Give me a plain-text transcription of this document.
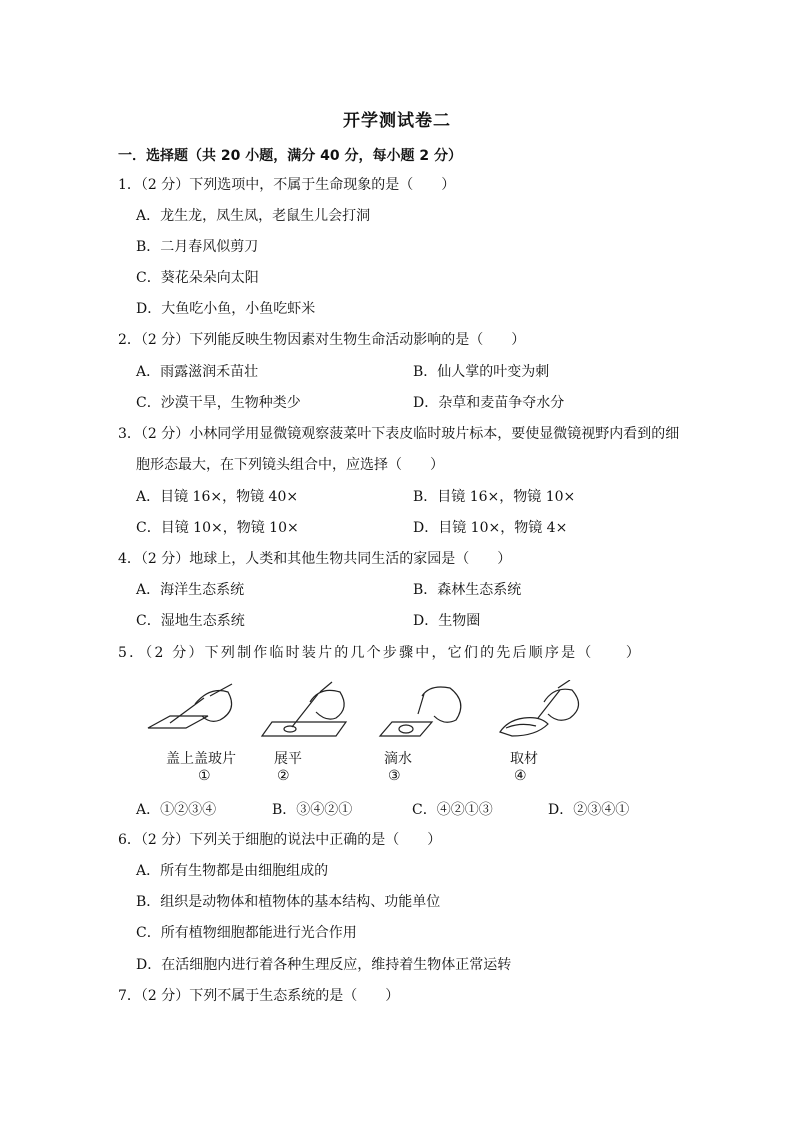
开学测试卷二
一．选择题（共 20 小题，满分 40 分，每小题 2 分）
1．（2 分）下列选项中，不属于生命现象的是（　　）
A．龙生龙，凤生凤，老鼠生儿会打洞
B．二月春风似剪刀
C．葵花朵朵向太阳
D．大鱼吃小鱼，小鱼吃虾米
2．（2 分）下列能反映生物因素对生物生命活动影响的是（　　）
A．雨露滋润禾苗壮	B．仙人掌的叶变为刺
C．沙漠干旱，生物种类少	D．杂草和麦苗争夺水分
3．（2 分）小林同学用显微镜观察菠菜叶下表皮临时玻片标本，要使显微镜视野内看到的细
胞形态最大，在下列镜头组合中，应选择（　　）
A．目镜 16×，物镜 40×	B．目镜 16×，物镜 10×
C．目镜 10×，物镜 10×	D．目镜 10×，物镜 4×
4．（2 分）地球上，人类和其他生物共同生活的家园是（　　）
A．海洋生态系统	B．森林生态系统
C．湿地生态系统	D．生物圈
5．（2 分）下列制作临时装片的几个步骤中，它们的先后顺序是（　　）
盖上盖玻片	展平	滴水	取材
①	②	③	④
A．①②③④	B．③④②①	C．④②①③	D．②③④①
6．（2 分）下列关于细胞的说法中正确的是（　　）
A．所有生物都是由细胞组成的
B．组织是动物体和植物体的基本结构、功能单位
C．所有植物细胞都能进行光合作用
D．在活细胞内进行着各种生理反应，维持着生物体正常运转
7．（2 分）下列不属于生态系统的是（　　）
